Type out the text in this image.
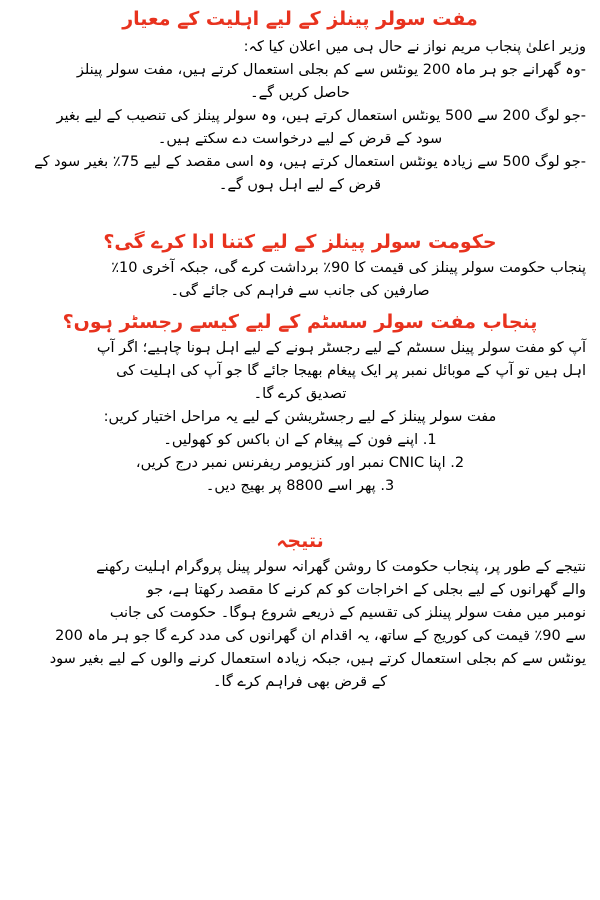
مفت سولر پینلز کے لیے اہلیت کے معیار

وزیر اعلیٰ پنجاب مریم نواز نے حال ہی میں اعلان کیا کہ:

-وہ گھرانے جو ہر ماہ 200 یونٹس سے کم بجلی استعمال کرتے ہیں، مفت سولر پینلز

حاصل کریں گے۔

-جو لوگ 200 سے 500 یونٹس استعمال کرتے ہیں، وہ سولر پینلز کی تنصیب کے لیے بغیر

سود کے قرض کے لیے درخواست دے سکتے ہیں۔

-جو لوگ 500 سے زیادہ یونٹس استعمال کرتے ہیں، وہ اسی مقصد کے لیے 75٪ بغیر سود کے

قرض کے لیے اہل ہوں گے۔

حکومت سولر پینلز کے لیے کتنا ادا کرے گی؟

پنجاب حکومت سولر پینلز کی قیمت کا 90٪ برداشت کرے گی، جبکہ آخری 10٪

صارفین کی جانب سے فراہم کی جائے گی۔

پنجاب مفت سولر سسٹم کے لیے کیسے رجسٹر ہوں؟

آپ کو مفت سولر پینل سسٹم کے لیے رجسٹر ہونے کے لیے اہل ہونا چاہیے؛ اگر آپ

اہل ہیں تو آپ کے موبائل نمبر پر ایک پیغام بھیجا جائے گا جو آپ کی اہلیت کی

تصدیق کرے گا۔

مفت سولر پینلز کے لیے رجسٹریشن کے لیے یہ مراحل اختیار کریں:

1. اپنے فون کے پیغام کے ان باکس کو کھولیں۔

2. اپنا CNIC نمبر اور کنزیومر ریفرنس نمبر درج کریں،

3. پھر اسے 8800 پر بھیج دیں۔

نتیجہ

نتیجے کے طور پر، پنجاب حکومت کا روشن گھرانہ سولر پینل پروگرام اہلیت رکھنے

والے گھرانوں کے لیے بجلی کے اخراجات کو کم کرنے کا مقصد رکھتا ہے، جو

نومبر میں مفت سولر پینلز کی تقسیم کے ذریعے شروع ہوگا۔ حکومت کی جانب

سے 90٪ قیمت کی کوریج کے ساتھ، یہ اقدام ان گھرانوں کی مدد کرے گا جو ہر ماہ 200

یونٹس سے کم بجلی استعمال کرتے ہیں، جبکہ زیادہ استعمال کرنے والوں کے لیے بغیر سود

کے قرض بھی فراہم کرے گا۔
